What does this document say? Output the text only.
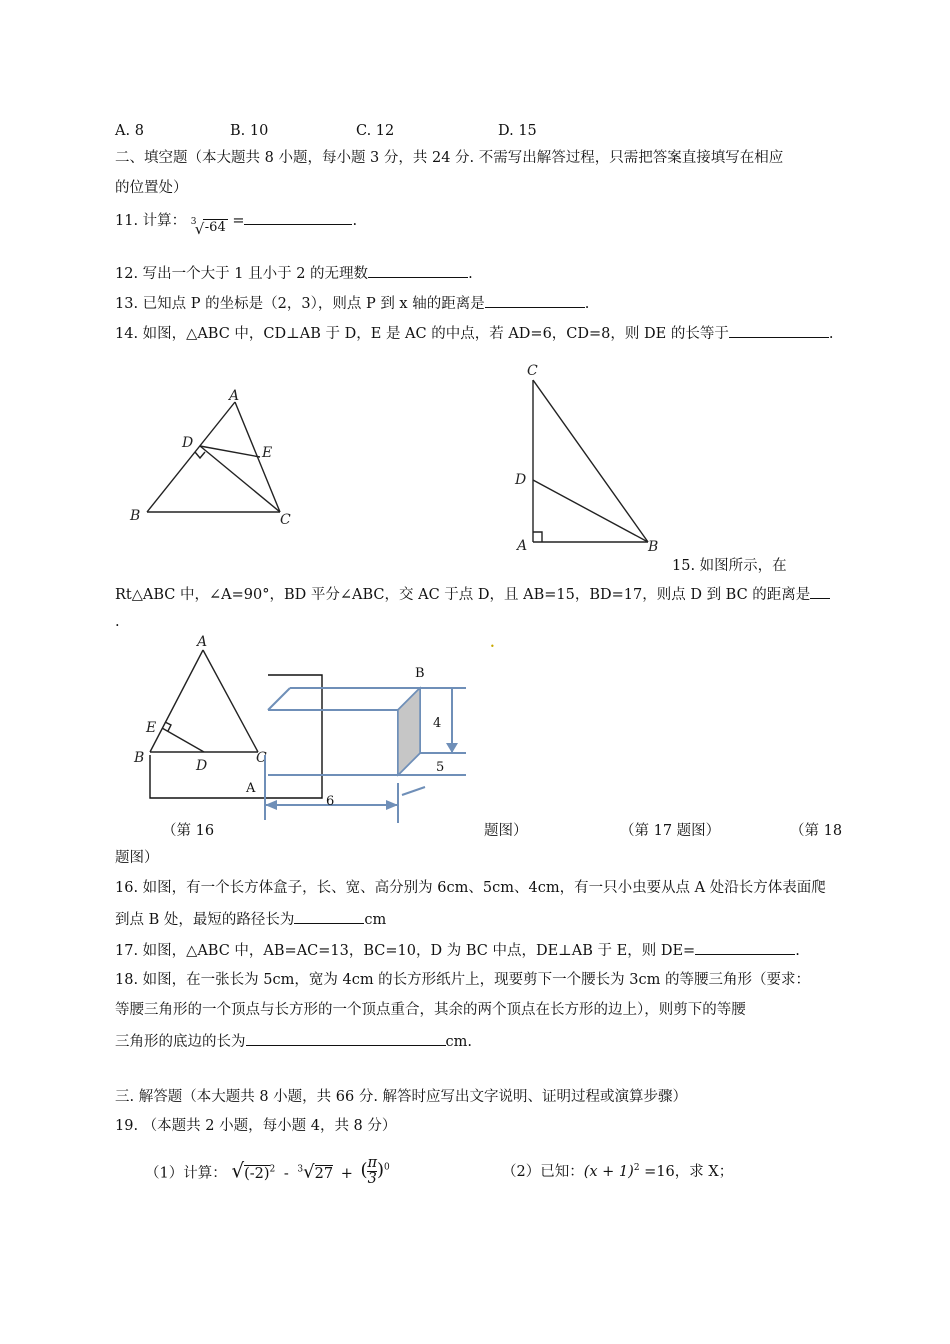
A. 8	B. 10	C. 12	D. 15
二、填空题（本大题共 8 小题，每小题 3 分，共 24 分. 不需写出解答过程，只需把答案直接填写在相应
的位置处）
11. 计算： 3
√ -64 =	.
12. 写出一个大于 1 且小于 2 的无理数	.
13. 已知点 P 的坐标是（2，3），则点 P 到 x 轴的距离是	.
14. 如图，△ABC 中，CD⊥AB 于 D，E 是 AC 的中点，若 AD=6，CD=8，则 DE 的长等于	.
A
B	C
D
E
C
D
A	B
15. 如图所示，在
Rt△ABC 中，∠A=90°，BD 平分∠ABC，交 AC 于点 D，且 AB=15，BD=17，则点 D 到 BC 的距离是
.
A
E
B	D	C
B
A
4
5
6
•
（第 16	题图）	（第 17 题图）	（第 18
题图）
16. 如图，有一个长方体盒子，长、宽、高分别为 6cm、5cm、4cm，有一只小虫要从点 A 处沿长方体表面爬
到点 B 处，最短的路径长为	cm
17. 如图，△ABC 中，AB=AC=13，BC=10，D 为 BC 中点，DE⊥AB 于 E，则 DE=	.
18. 如图，在一张长为 5cm，宽为 4cm 的长方形纸片上，现要剪下一个腰长为 3cm 的等腰三角形（要求：
等腰三角形的一个顶点与长方形的一个顶点重合，其余的两个顶点在长方形的边上），则剪下的等腰
三角形的底边的长为	cm.
三. 解答题（本大题共 8 小题，共 66 分. 解答时应写出文字说明、证明过程或演算步骤）
19. （本题共 2 小题，每小题 4，共 8 分）
（1）计算： $√(-2)^2 - ^3√27$ + ( $\frac{\pi}{3} )^0$	（2）已知：$(x + 1)^2 =16$，求 X；
